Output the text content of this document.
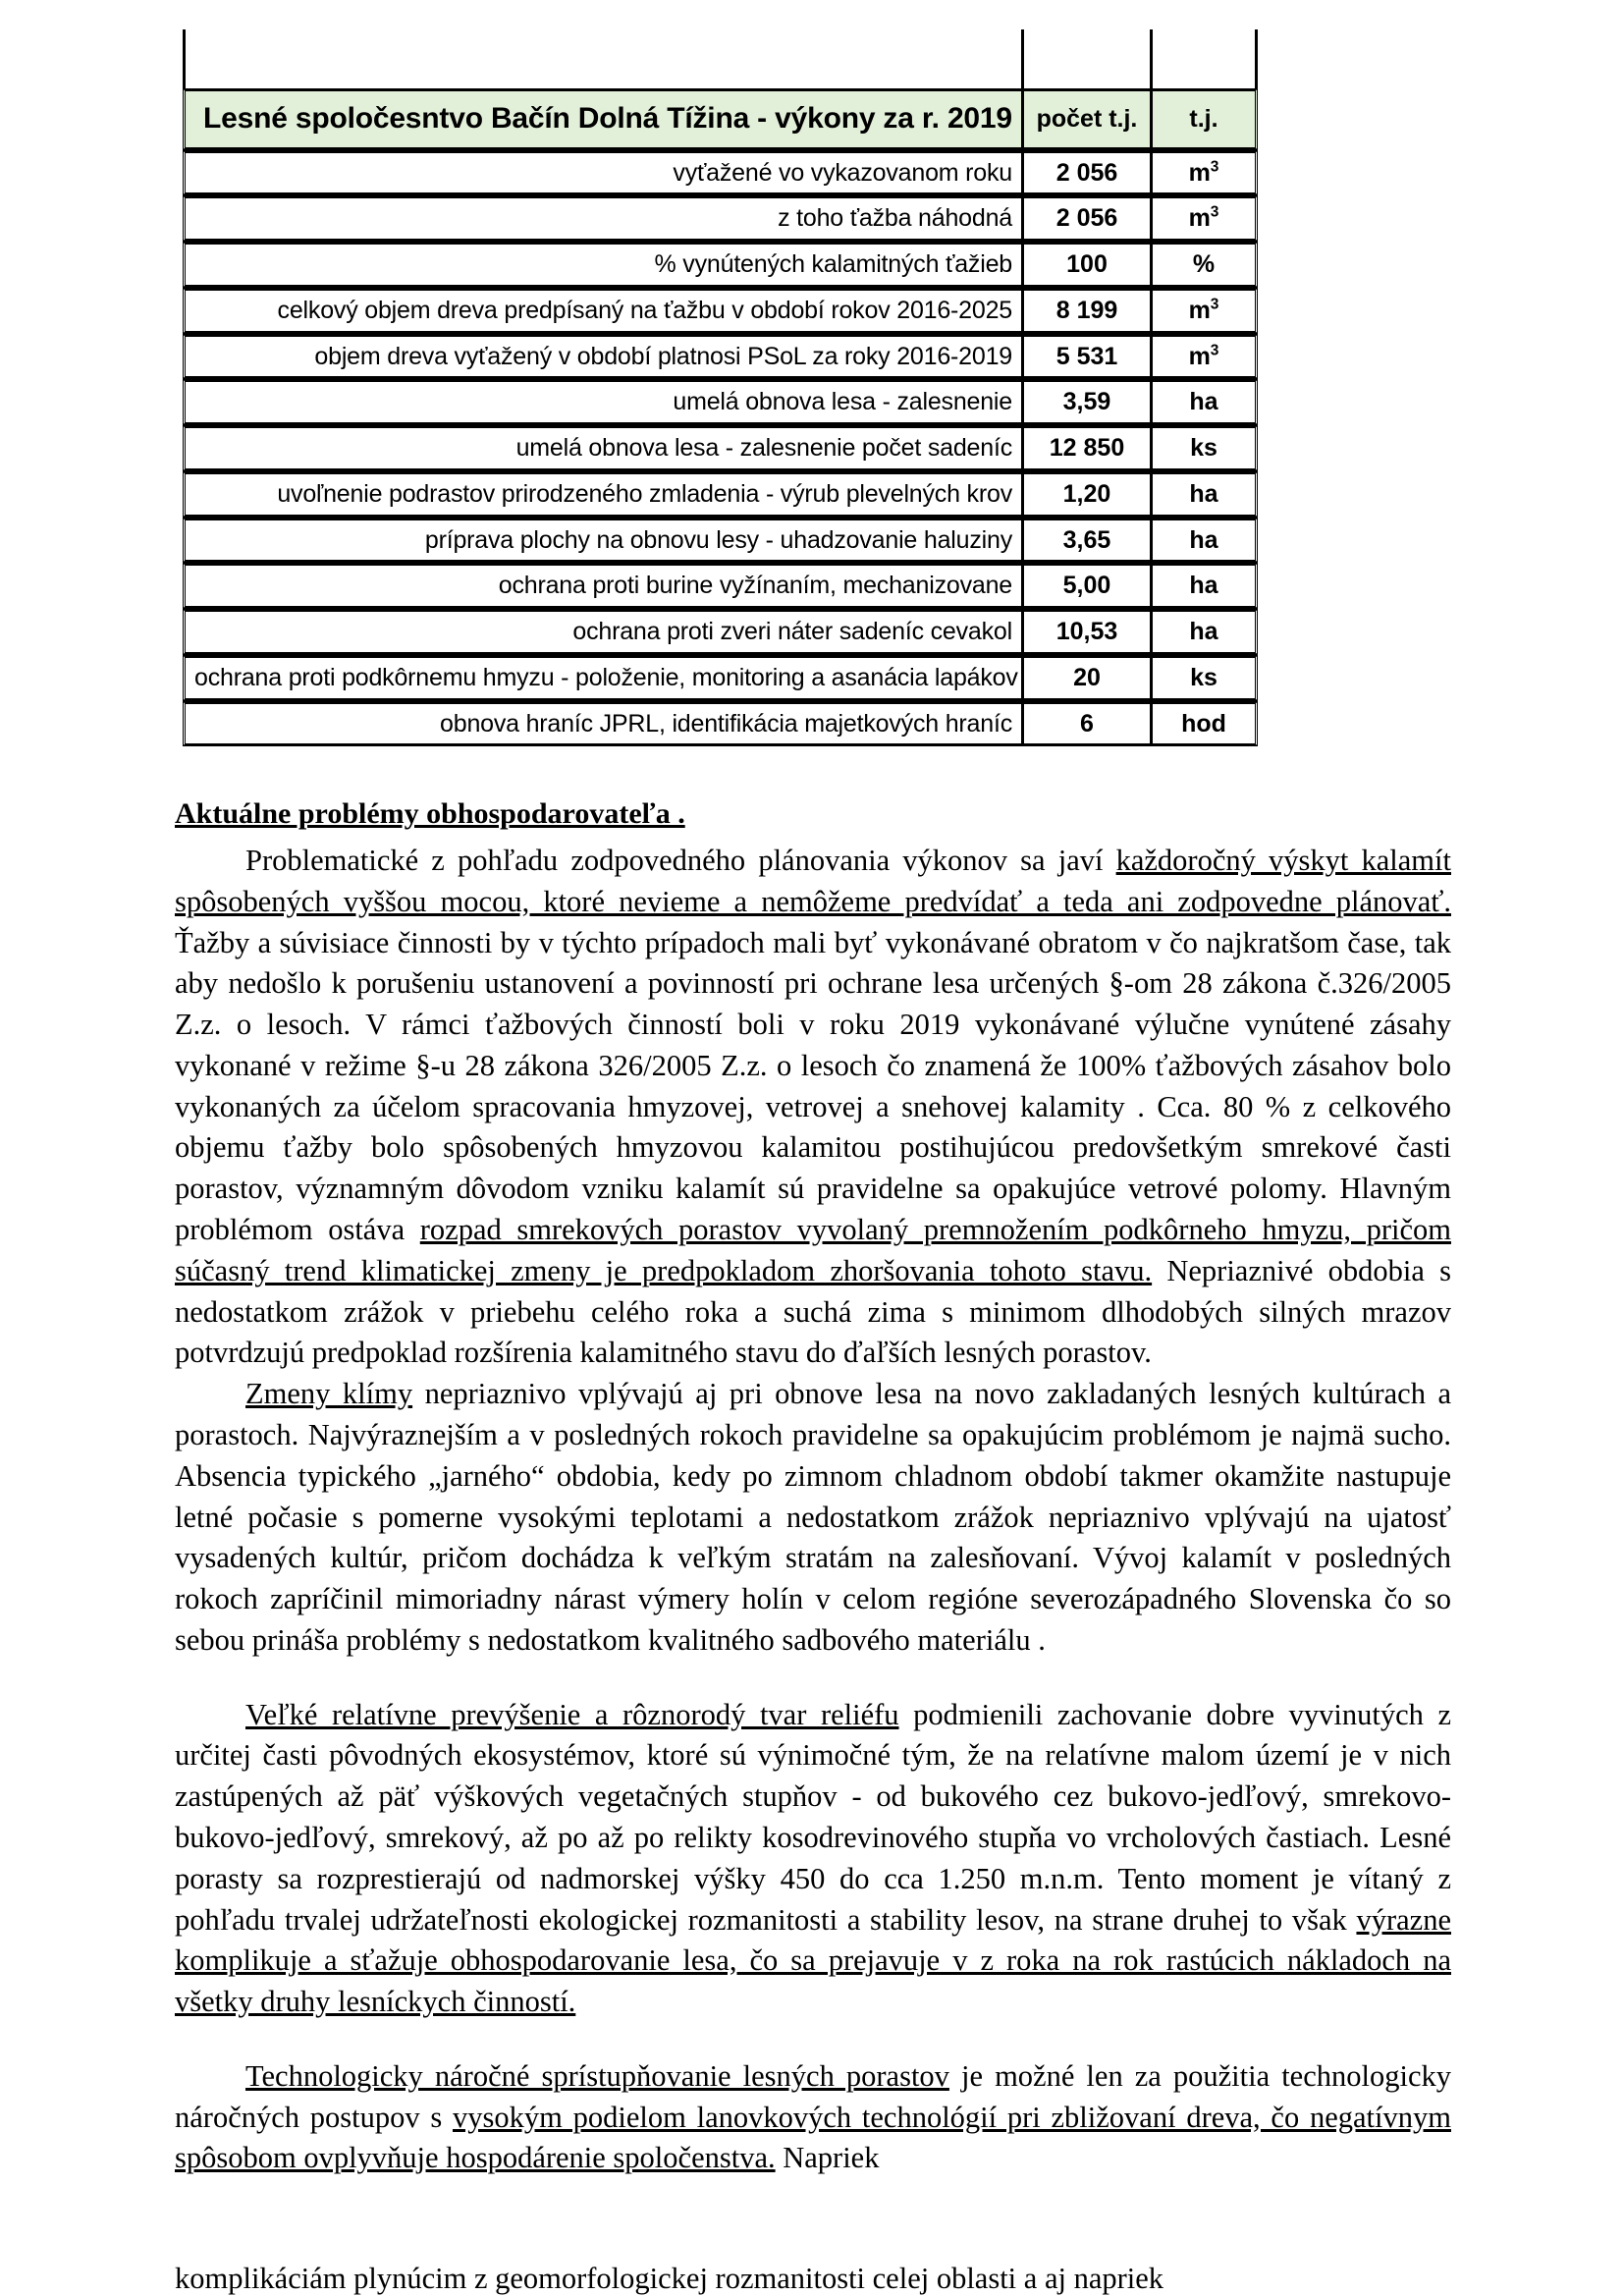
Lesné spoločesntvo Bačín Dolná Tížina - výkony za r. 2019	počet t.j.	t.j.
vyťažené vo vykazovanom roku	2 056	$m^3$
z toho ťažba náhodná	2 056	$m^3$
% vynútených kalamitných ťažieb	100	%
celkový objem dreva predpísaný na ťažbu v období rokov 2016-2025	8 199	$m^3$
objem dreva vyťažený v období platnosi PSoL za roky 2016-2019	5 531	$m^3$
umelá obnova lesa - zalesnenie	3,59	ha
umelá obnova lesa - zalesnenie počet sadeníc	12 850	ks
uvoľnenie podrastov prirodzeného zmladenia - výrub plevelných krov	1,20	ha
príprava plochy na obnovu lesy - uhadzovanie haluziny	3,65	ha
ochrana proti burine vyžínaním, mechanizovane	5,00	ha
ochrana proti zveri náter sadeníc cevakol	10,53	ha
ochrana proti podkôrnemu hmyzu - položenie, monitoring a asanácia lapákov	20	ks
obnova hraníc JPRL, identifikácia majetkových hraníc	6	hod
Aktuálne problémy obhospodarovateľa .

Problematické z pohľadu zodpovedného plánovania výkonov sa javí každoročný výskyt kalamít spôsobených vyššou mocou, ktoré nevieme a nemôžeme predvídať a teda ani zodpovedne plánovať. Ťažby a súvisiace činnosti by v týchto prípadoch mali byť vykonávané obratom v čo najkratšom čase, tak aby nedošlo k porušeniu ustanovení a povinností pri ochrane lesa určených §-om 28 zákona č.326/2005 Z.z. o lesoch. V rámci ťažbových činností boli v roku 2019 vykonávané výlučne vynútené zásahy vykonané v režime §-u 28 zákona 326/2005 Z.z. o lesoch čo znamená že 100% ťažbových zásahov bolo vykonaných za účelom spracovania hmyzovej, vetrovej a snehovej kalamity . Cca. 80 % z celkového objemu ťažby bolo spôsobených hmyzovou kalamitou postihujúcou predovšetkým smrekové časti porastov, významným dôvodom vzniku kalamít sú pravidelne sa opakujúce vetrové polomy. Hlavným problémom ostáva rozpad smrekových porastov vyvolaný premnožením podkôrneho hmyzu, pričom súčasný trend klimatickej zmeny je predpokladom zhoršovania tohoto stavu. Nepriaznivé obdobia s nedostatkom zrážok v priebehu celého roka a suchá zima s minimom dlhodobých silných mrazov potvrdzujú predpoklad rozšírenia kalamitného stavu do ďaľších lesných porastov.

Zmeny klímy nepriaznivo vplývajú aj pri obnove lesa na novo zakladaných lesných kultúrach a porastoch. Najvýraznejším a v posledných rokoch pravidelne sa opakujúcim problémom je najmä sucho. Absencia typického „jarného“ obdobia, kedy po zimnom chladnom období takmer okamžite nastupuje letné počasie s pomerne vysokými teplotami a nedostatkom zrážok nepriaznivo vplývajú na ujatosť vysadených kultúr, pričom dochádza k veľkým stratám na zalesňovaní. Vývoj kalamít v posledných rokoch zapríčinil mimoriadny nárast výmery holín v celom regióne severozápadného Slovenska čo so sebou prináša problémy s nedostatkom kvalitného sadbového materiálu .

Veľké relatívne prevýšenie a rôznorodý tvar reliéfu podmienili zachovanie dobre vyvinutých z určitej časti pôvodných ekosystémov, ktoré sú výnimočné tým, že na relatívne malom území je v nich zastúpených až päť výškových vegetačných stupňov - od bukového cez bukovo-jedľový, smrekovo-bukovo-jedľový, smrekový, až po až po relikty kosodrevinového stupňa vo vrcholových častiach. Lesné porasty sa rozprestierajú od nadmorskej výšky 450 do cca 1.250 m.n.m. Tento moment je vítaný z pohľadu trvalej udržateľnosti ekologickej rozmanitosti a stability lesov, na strane druhej to však výrazne komplikuje a sťažuje obhospodarovanie lesa, čo sa prejavuje v z roka na rok rastúcich nákladoch na všetky druhy lesníckych činností.

Technologicky náročné sprístupňovanie lesných porastov je možné len za použitia technologicky náročných postupov s vysokým podielom lanovkových technológií pri zbližovaní dreva, čo negatívnym spôsobom ovplyvňuje hospodárenie spoločenstva. Napriek

komplikáciám plynúcim z geomorfologickej rozmanitosti celej oblasti a aj napriek
